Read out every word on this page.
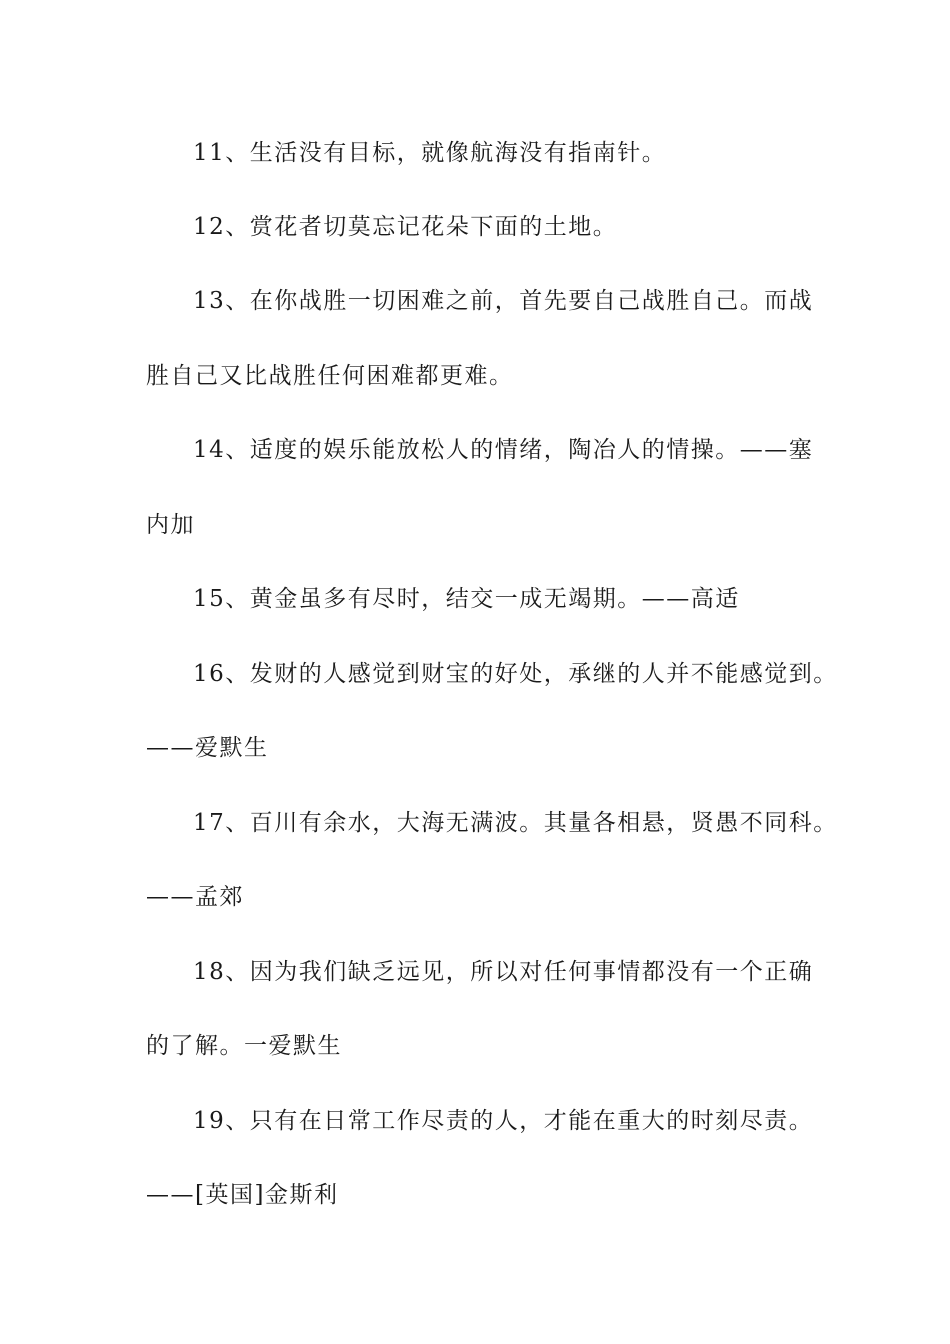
11、生活没有目标，就像航海没有指南针。
12、赏花者切莫忘记花朵下面的土地。
13、在你战胜一切困难之前，首先要自己战胜自己。而战
胜自己又比战胜任何困难都更难。
14、适度的娱乐能放松人的情绪，陶冶人的情操。——塞
内加
15、黄金虽多有尽时，结交一成无竭期。——高适
16、发财的人感觉到财宝的好处，承继的人并不能感觉到。
——爱默生
17、百川有余水，大海无满波。其量各相悬，贤愚不同科。
——孟郊
18、因为我们缺乏远见，所以对任何事情都没有一个正确
的了解。一爱默生
19、只有在日常工作尽责的人，才能在重大的时刻尽责。
——[英国]金斯利
